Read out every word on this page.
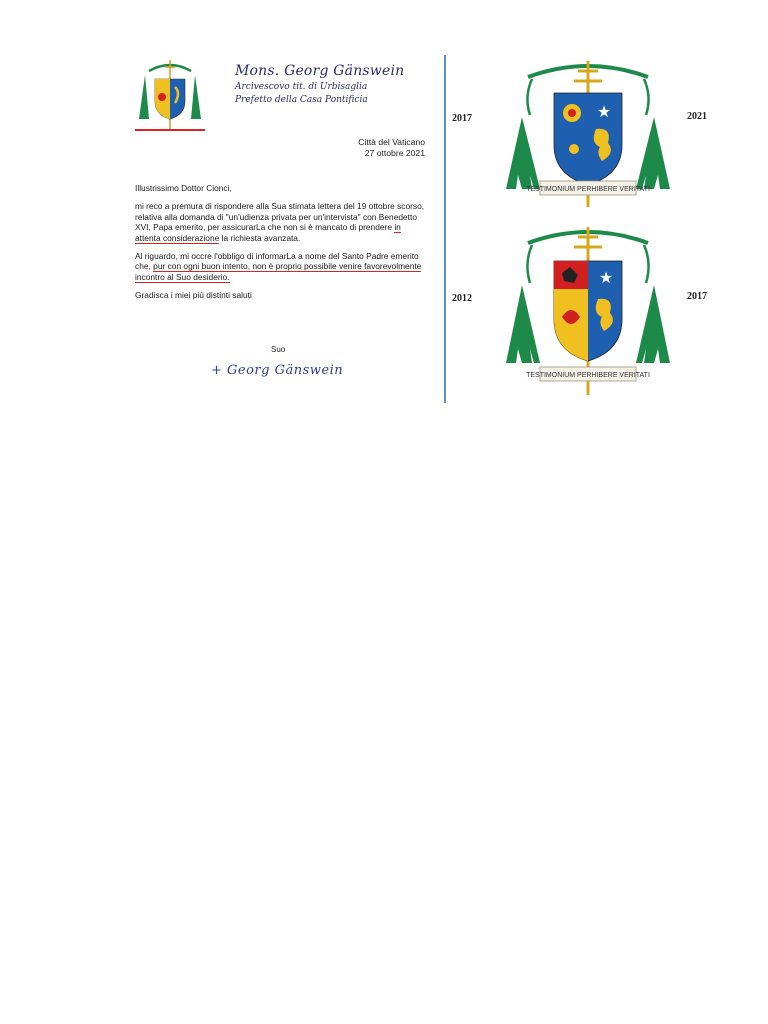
Mons. Georg Gänswein
Arcivescovo tit. di Urbisaglia
Prefetto della Casa Pontificia
Città del Vaticano
27 ottobre 2021

Illustrissimo Dottor Cionci,

mi reco a premura di rispondere alla Sua stimata lettera del 19 ottobre scorso, relativa alla domanda di "un'udienza privata per un'intervista" con Benedetto XVI, Papa emerito, per assicurarLa che non si è mancato di prendere in attenta considerazione la richiesta avanzata.

Al riguardo, mi occre l'obbligo di informarLa a nome del Santo Padre emerito che, pur con ogni buon intento, non è proprio possibile venire favorevolmente incontro al Suo desiderio.

Gradisca i miei più distinti saluti

Suo
+ Georg Gänswein
2017	2021
2012	2017
★
TESTIMONIUM PERHIBERE VERITATI
★
TESTIMONIUM PERHIBERE VERITATI
